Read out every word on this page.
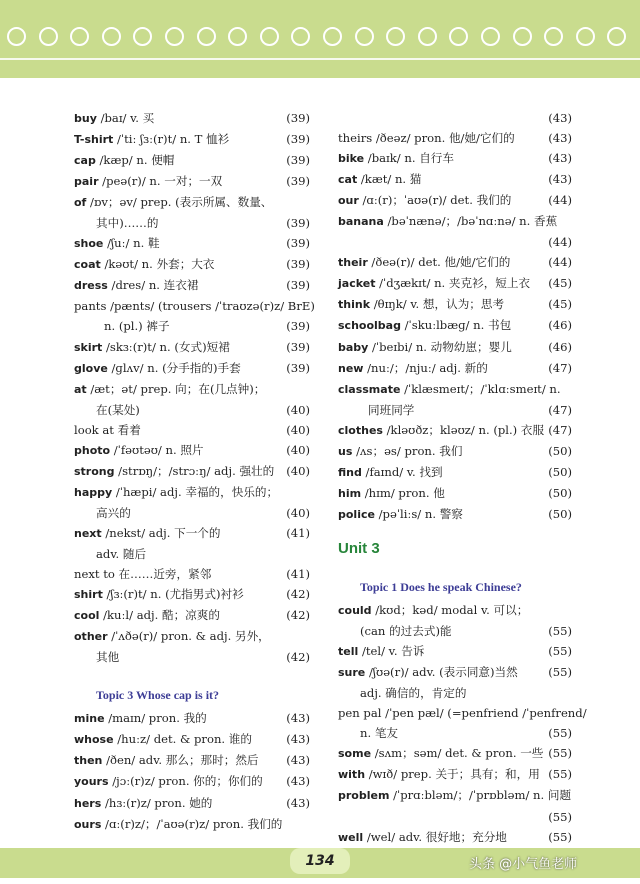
buy /baɪ/ v. 买	(39)
T-shirt /ˈtiː ʃɜː(r)t/ n. T 恤衫	(39)
cap /kæp/ n. 便帽	(39)
pair /peə(r)/ n. 一对；一双	(39)
of /ɒv；əv/ prep. (表示所属、数量、
其中)……的	(39)
shoe /ʃuː/ n. 鞋	(39)
coat /kəʊt/ n. 外套；大衣	(39)
dress /dres/ n. 连衣裙	(39)
pants /pænts/ (trousers /ˈtraʊzə(r)z/ BrE)
n. (pl.) 裤子	(39)
skirt /skɜː(r)t/ n. (女式)短裙	(39)
glove /ɡlʌv/ n. (分手指的)手套	(39)
at /æt；ət/ prep. 向；在(几点钟)；
在(某处)	(40)
look at 看着	(40)
photo /ˈfəʊtəʊ/ n. 照片	(40)
strong /strɒŋ/；/strɔːŋ/ adj. 强壮的 (40)
happy /ˈhæpi/ adj. 幸福的，快乐的；
高兴的	(40)
next /nekst/ adj. 下一个的	(41)
adv. 随后
next to 在……近旁，紧邻	(41)
shirt /ʃɜː(r)t/ n. (尤指男式)衬衫	(42)
cool /kuːl/ adj. 酷；凉爽的	(42)
other /ˈʌðə(r)/ pron. & adj. 另外，
其他	(42)
Topic 3 Whose cap is it?
mine /maɪn/ pron. 我的	(43)
whose /huːz/ det. & pron. 谁的	(43)
then /ðen/ adv. 那么；那时；然后 (43)
yours /jɔː(r)z/ pron. 你的；你们的 (43)
hers /hɜː(r)z/ pron. 她的	(43)
ours /ɑː(r)z/；/ˈaʊə(r)z/ pron. 我们的

(43)
theirs /ðeəz/ pron. 他/她/它们的	(43)
bike /baɪk/ n. 自行车	(43)
cat /kæt/ n. 猫	(43)
our /ɑː(r)；ˈaʊə(r)/ det. 我们的	(44)
banana /bəˈnænə/；/bəˈnɑːnə/ n. 香蕉

(44)
their /ðeə(r)/ det. 他/她/它们的	(44)
jacket /ˈdʒækɪt/ n. 夹克衫，短上衣 (45)
think /θɪŋk/ v. 想，认为；思考	(45)
schoolbag /ˈskuːlbæɡ/ n. 书包	(46)
baby /ˈbeɪbi/ n. 动物幼崽；婴儿	(46)
new /nuː/；/njuː/ adj. 新的	(47)
classmate /ˈklæsmeɪt/；/ˈklɑːsmeɪt/ n.
同班同学	(47)
clothes /kləʊðz；kləʊz/ n. (pl.) 衣服 (47)
us /ʌs；əs/ pron. 我们	(50)
find /faɪnd/ v. 找到	(50)
him /hɪm/ pron. 他	(50)
police /pəˈliːs/ n. 警察	(50)
Unit 3
Topic 1 Does he speak Chinese?
could /kʊd；kəd/ modal v. 可以；
(can 的过去式)能	(55)
tell /tel/ v. 告诉	(55)
sure /ʃʊə(r)/ adv. (表示同意)当然	(55)
adj. 确信的，肯定的
pen pal /ˈpen pæl/ (=penfriend /ˈpenfrend/
n. 笔友	(55)
some /sʌm；səm/ det. & pron. 一些 (55)
with /wɪð/ prep. 关于；具有；和，用 (55)
problem /ˈprɑːbləm/；/ˈprɒbləm/ n. 问题

(55)
well /wel/ adv. 很好地；充分地	(55)
134	头条 @小气鱼老师
